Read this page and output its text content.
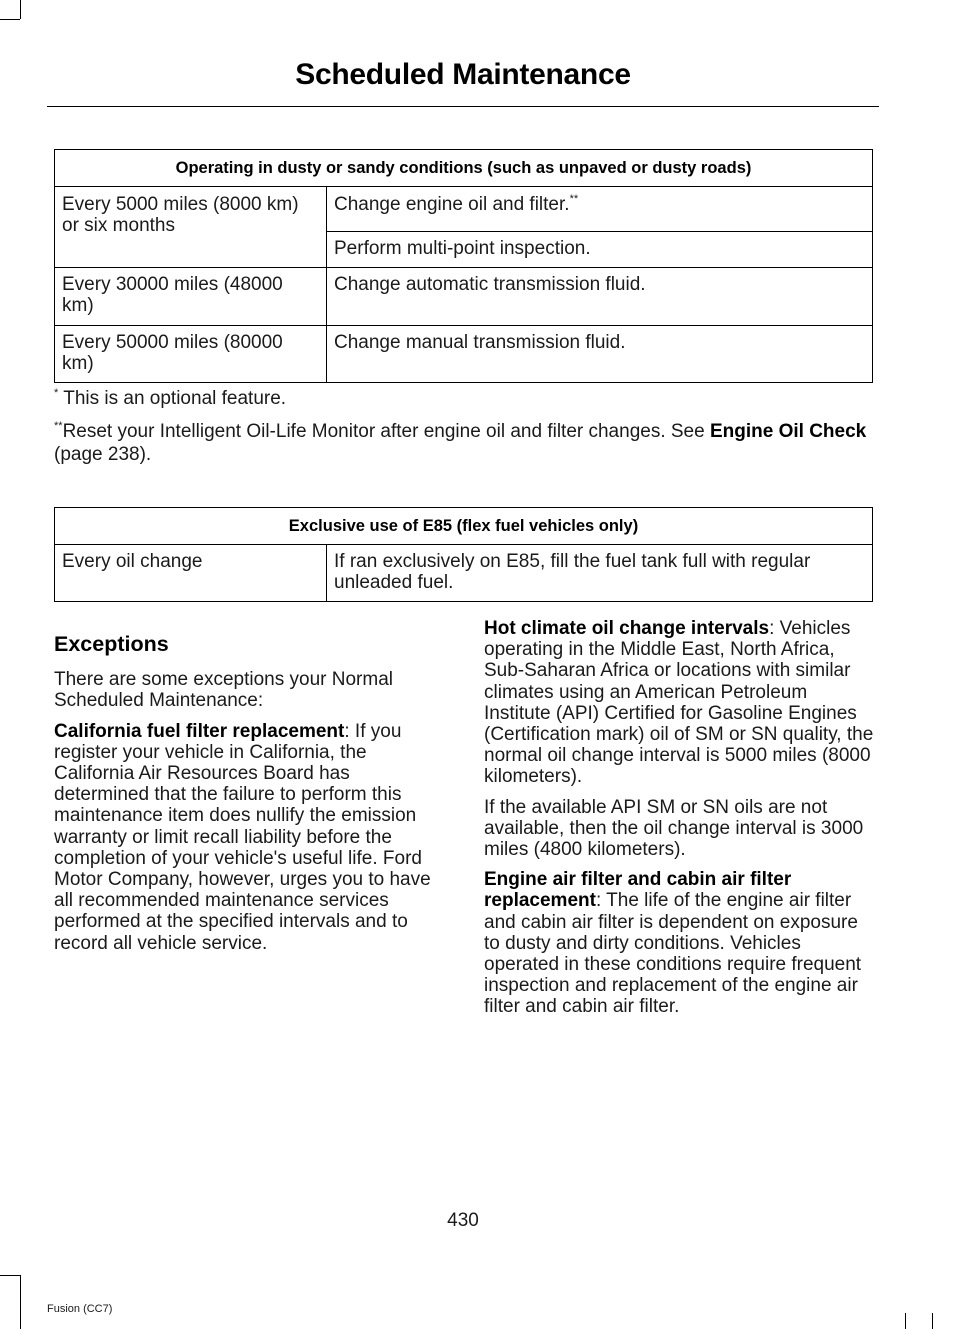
Scheduled Maintenance
Operating in dusty or sandy conditions (such as unpaved or dusty roads)	
Every 5000 miles (8000 km) or six months	Change engine oil and filter.**
	Perform multi-point inspection.
Every 30000 miles (48000 km)	Change automatic transmission fluid.
Every 50000 miles (80000 km)	Change manual transmission fluid.
* This is an optional feature.
**Reset your Intelligent Oil-Life Monitor after engine oil and filter changes. See Engine Oil Check (page 238).
Exclusive use of E85 (flex fuel vehicles only)
Every oil change	If ran exclusively on E85, fill the fuel tank full with regular unleaded fuel.
Exceptions

There are some exceptions your Normal Scheduled Maintenance:

California fuel filter replacement: If you register your vehicle in California, the California Air Resources Board has determined that the failure to perform this maintenance item does nullify the emission warranty or limit recall liability before the completion of your vehicle's useful life. Ford Motor Company, however, urges you to have all recommended maintenance services performed at the specified intervals and to record all vehicle service.

Hot climate oil change intervals: Vehicles operating in the Middle East, North Africa, Sub-Saharan Africa or locations with similar climates using an American Petroleum Institute (API) Certified for Gasoline Engines (Certification mark) oil of SM or SN quality, the normal oil change interval is 5000 miles (8000 kilometers).

If the available API SM or SN oils are not available, then the oil change interval is 3000 miles (4800 kilometers).

Engine air filter and cabin air filter replacement: The life of the engine air filter and cabin air filter is dependent on exposure to dusty and dirty conditions. Vehicles operated in these conditions require frequent inspection and replacement of the engine air filter and cabin air filter.

430
Fusion (CC7)
